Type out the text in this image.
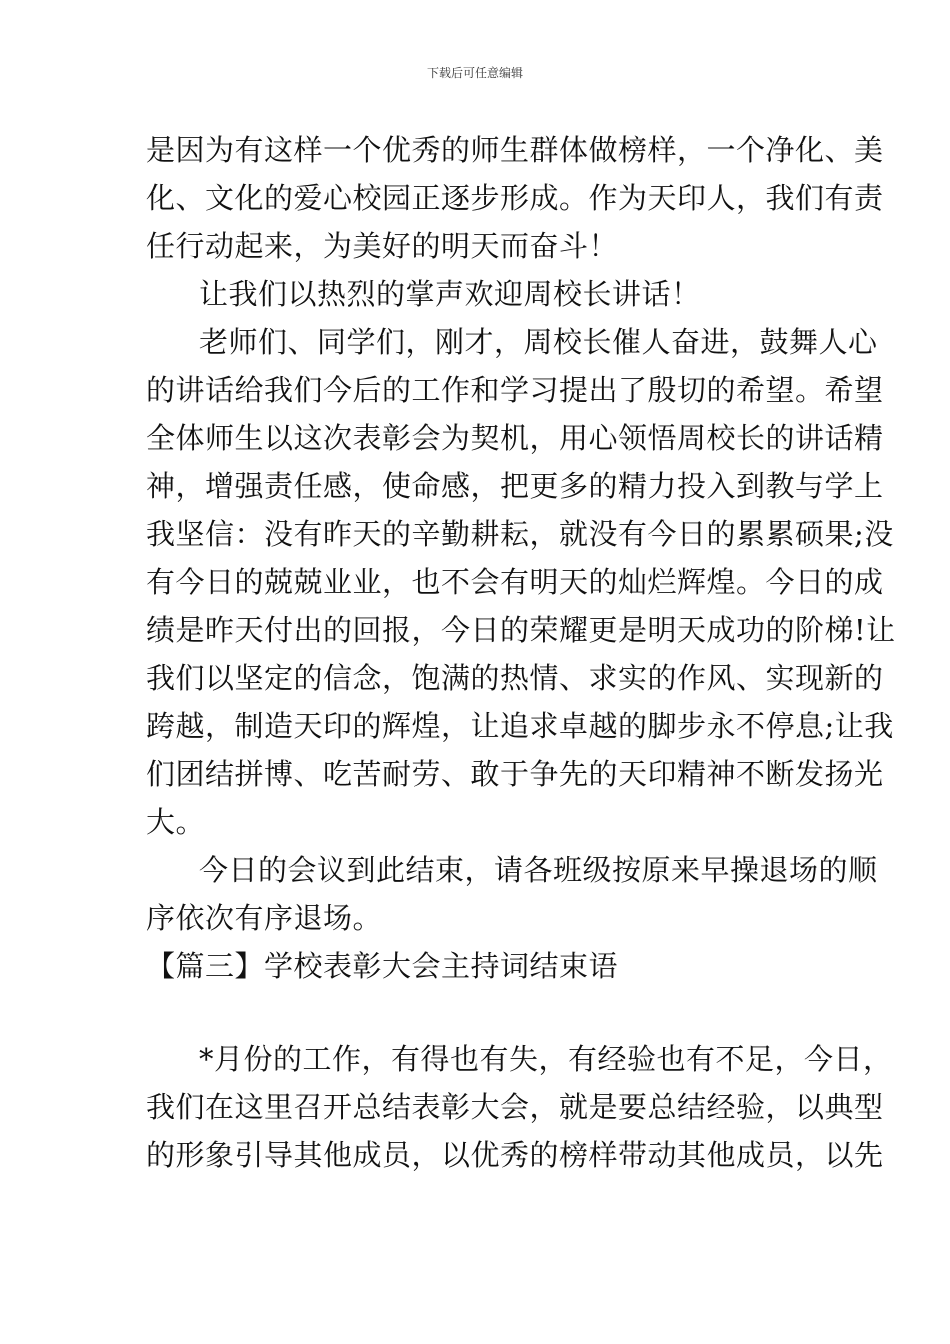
下载后可任意编辑
是因为有这样一个优秀的师生群体做榜样，一个净化、美
化、文化的爱心校园正逐步形成。作为天印人，我们有责
任行动起来，为美好的明天而奋斗！
让我们以热烈的掌声欢迎周校长讲话！
老师们、同学们，刚才，周校长催人奋进，鼓舞人心
的讲话给我们今后的工作和学习提出了殷切的希望。希望
全体师生以这次表彰会为契机，用心领悟周校长的讲话精
神，增强责任感，使命感，把更多的精力投入到教与学上
我坚信：没有昨天的辛勤耕耘，就没有今日的累累硕果;没
有今日的兢兢业业，也不会有明天的灿烂辉煌。今日的成
绩是昨天付出的回报，今日的荣耀更是明天成功的阶梯!让
我们以坚定的信念，饱满的热情、求实的作风、实现新的
跨越，制造天印的辉煌，让追求卓越的脚步永不停息;让我
们团结拼博、吃苦耐劳、敢于争先的天印精神不断发扬光
大。
今日的会议到此结束，请各班级按原来早操退场的顺
序依次有序退场。
【篇三】学校表彰大会主持词结束语
*月份的工作，有得也有失，有经验也有不足，今日，
我们在这里召开总结表彰大会，就是要总结经验，以典型
的形象引导其他成员，以优秀的榜样带动其他成员，以先
